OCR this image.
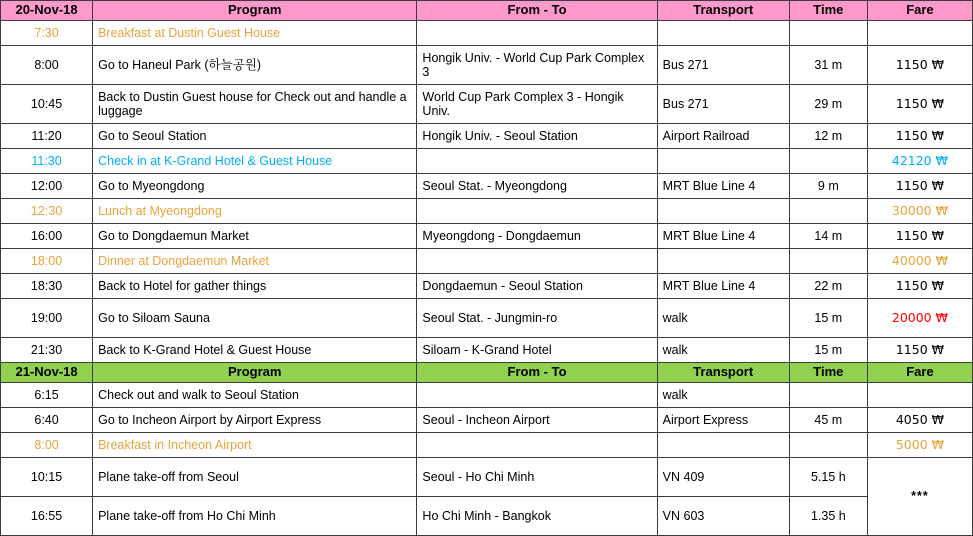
20-Nov-18	Program	From - To	Transport	Time	Fare
7:30	Breakfast at Dustin Guest House				
8:00	Go to Haneul Park (하늘공원)	Hongik Univ. - World Cup Park Complex 3	Bus 271	31 m	1150 ₩
10:45	Back to Dustin Guest house for Check out and handle a luggage	World Cup Park Complex 3 - Hongik Univ.	Bus 271	29 m	1150 ₩
11:20	Go to Seoul Station	Hongik Univ. - Seoul Station	Airport Railroad	12 m	1150 ₩
11:30	Check in at K-Grand Hotel & Guest House				42120 ₩
12:00	Go to Myeongdong	Seoul Stat. - Myeongdong	MRT Blue Line 4	9 m	1150 ₩
12:30	Lunch at Myeongdong				30000 ₩
16:00	Go to Dongdaemun Market	Myeongdong - Dongdaemun	MRT Blue Line 4	14 m	1150 ₩
18:00	Dinner at Dongdaemun Market				40000 ₩
18:30	Back to Hotel for gather things	Dongdaemun - Seoul Station	MRT Blue Line 4	22 m	1150 ₩
19:00	Go to Siloam Sauna	Seoul Stat. - Jungmin-ro	walk	15 m	20000 ₩
21:30	Back to K-Grand Hotel & Guest House	Siloam - K-Grand Hotel	walk	15 m	1150 ₩
21-Nov-18	Program	From - To	Transport	Time	Fare
6:15	Check out and walk to Seoul Station		walk		
6:40	Go to Incheon Airport by Airport Express	Seoul - Incheon Airport	Airport Express	45 m	4050 ₩
8:00	Breakfast in Incheon Airport				5000 ₩
10:15	Plane take-off from Seoul	Seoul - Ho Chi Minh	VN 409	5.15 h	***
16:55	Plane take-off from Ho Chi Minh	Ho Chi Minh - Bangkok	VN 603	1.35 h	
